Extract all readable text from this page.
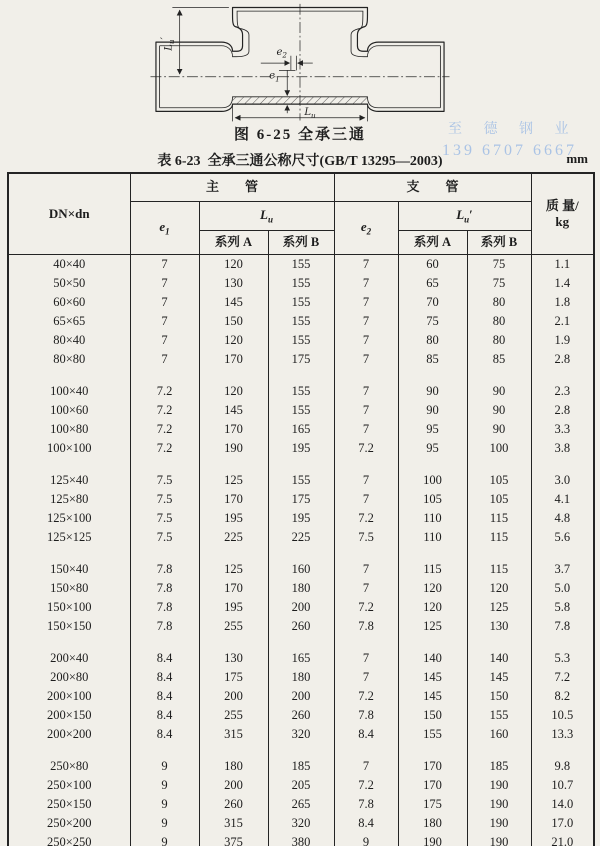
$L_u$
$L_u'$
$e_2$
$e_1$
图 6-25 全承三通
表 6-23 全承三通公称尺寸(GB/T 13295—2003)	mm
至 德 钢 业
139 6707 6667
DN×dn	主　　管			支　　管			质 量/
kg

	$e_1$	$L_u$		$e_2$	$L_u'$		
		系列 A	系列 B		系列 A	系列 B	
40×40	7	120	155	7	60	75	1.1
50×50	7	130	155	7	65	75	1.4
60×60	7	145	155	7	70	80	1.8
65×65	7	150	155	7	75	80	2.1
80×40	7	120	155	7	80	80	1.9
80×80	7	170	175	7	85	85	2.8

100×40	7.2	120	155	7	90	90	2.3
100×60	7.2	145	155	7	90	90	2.8
100×80	7.2	170	165	7	95	90	3.3
100×100	7.2	190	195	7.2	95	100	3.8

125×40	7.5	125	155	7	100	105	3.0
125×80	7.5	170	175	7	105	105	4.1
125×100	7.5	195	195	7.2	110	115	4.8
125×125	7.5	225	225	7.5	110	115	5.6

150×40	7.8	125	160	7	115	115	3.7
150×80	7.8	170	180	7	120	120	5.0
150×100	7.8	195	200	7.2	120	125	5.8
150×150	7.8	255	260	7.8	125	130	7.8

200×40	8.4	130	165	7	140	140	5.3
200×80	8.4	175	180	7	145	145	7.2
200×100	8.4	200	200	7.2	145	150	8.2
200×150	8.4	255	260	7.8	150	155	10.5
200×200	8.4	315	320	8.4	155	160	13.3

250×80	9	180	185	7	170	185	9.8
250×100	9	200	205	7.2	170	190	10.7
250×150	9	260	265	7.8	175	190	14.0
250×200	9	315	320	8.4	180	190	17.0
250×250	9	375	380	9	190	190	21.0
